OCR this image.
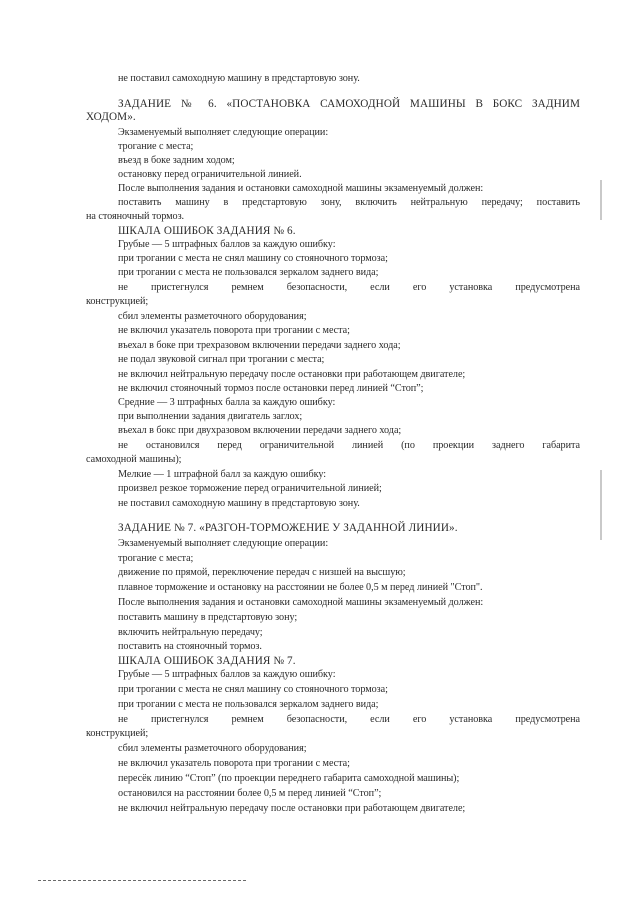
не поставил самоходную машину в предстартовую зону.
ЗАДАНИЕ № 6. «ПОСТАНОВКА САМОХОДНОЙ МАШИНЫ В БОКС ЗАДНИМ
ХОДОМ».
Экзаменуемый выполняет следующие операции:
трогание с места;
въезд в боке задним ходом;
остановку перед ограничительной линией.
После выполнения задания и остановки самоходной машины экзаменуемый должен:
поставить машину в предстартовую зону, включить нейтральную передачу; поставить
на стояночный тормоз.
ШКАЛА ОШИБОК ЗАДАНИЯ № 6.
Грубые — 5 штрафных баллов за каждую ошибку:
при трогании с места не снял машину со стояночного тормоза;
при трогании с места не пользовался зеркалом заднего вида;
не пристегнулся ремнем безопасности, если его установка предусмотрена
конструкцией;
сбил элементы разметочного оборудования;
не включил указатель поворота при трогании с места;
въехал в боке при трехразовом включении передачи заднего хода;
не подал звуковой сигнал при трогании с места;
не включил нейтральную передачу после остановки при работающем двигателе;
не включил стояночный тормоз после остановки перед линией “Стоп”;
Средние — 3 штрафных балла за каждую ошибку:
при выполнении задания двигатель заглох;
въехал в бокс при двухразовом включении передачи заднего хода;
не остановился перед ограничительной линией (по проекции заднего габарита
самоходной машины);
Мелкие — 1 штрафной балл за каждую ошибку:
произвел резкое торможение перед ограничительной линией;
не поставил самоходную машину в предстартовую зону.
ЗАДАНИЕ № 7. «РАЗГОН-ТОРМОЖЕНИЕ У ЗАДАННОЙ ЛИНИИ».
Экзаменуемый выполняет следующие операции:
трогание с места;
движение по прямой, переключение передач с низшей на высшую;
плавное торможение и остановку на расстоянии не более 0,5 м перед линией "Стоп".
После выполнения задания и остановки самоходной машины экзаменуемый должен:
поставить машину в предстартовую зону;
включить нейтральную передачу;
поставить на стояночный тормоз.
ШКАЛА ОШИБОК ЗАДАНИЯ № 7.
Грубые — 5 штрафных баллов за каждую ошибку:
при трогании с места не снял машину со стояночного тормоза;
при трогании с места не пользовался зеркалом заднего вида;
не пристегнулся ремнем безопасности, если его установка предусмотрена
конструкцией;
сбил элементы разметочного оборудования;
не включил указатель поворота при трогании с места;
пересёк линию “Стоп” (по проекции переднего габарита самоходной машины);
остановился на расстоянии более 0,5 м перед линией “Стоп”;
не включил нейтральную передачу после остановки при работающем двигателе;
